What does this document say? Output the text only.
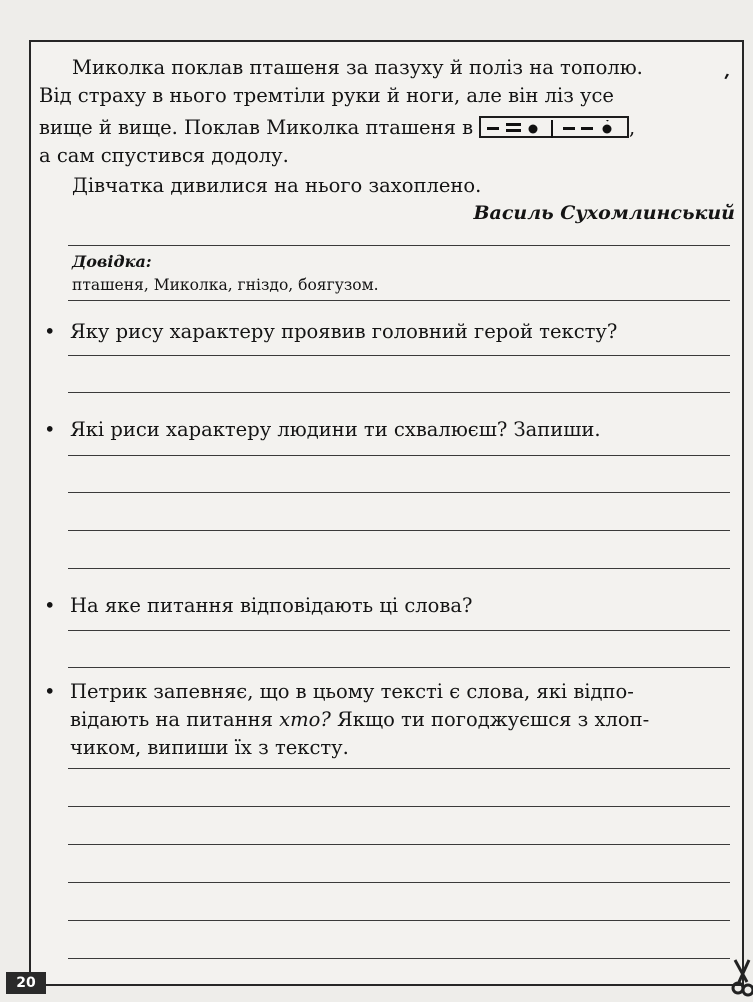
Миколка поклав пташеня за пазуху й поліз на тополю.

Від страху в нього тремтіли руки й ноги, але він ліз усе	ʹ

вище й вище. Поклав Миколка пташеня в	,

а сам спустився додолу.

Дівчатка дивилися на нього захоплено.

Василь Сухомлинський
Довідка:
пташеня, Миколка, гніздо, боягузом.
• Яку рису характеру проявив головний герой тексту?
• Які риси характеру людини ти схвалюєш? Запиши.
• На яке питання відповідають ці слова?
• Петрик запевняє, що в цьому тексті є слова, які відпо-
відають на питання хто? Якщо ти погоджуєшся з хлоп-
чиком, випиши їх з тексту.
20
